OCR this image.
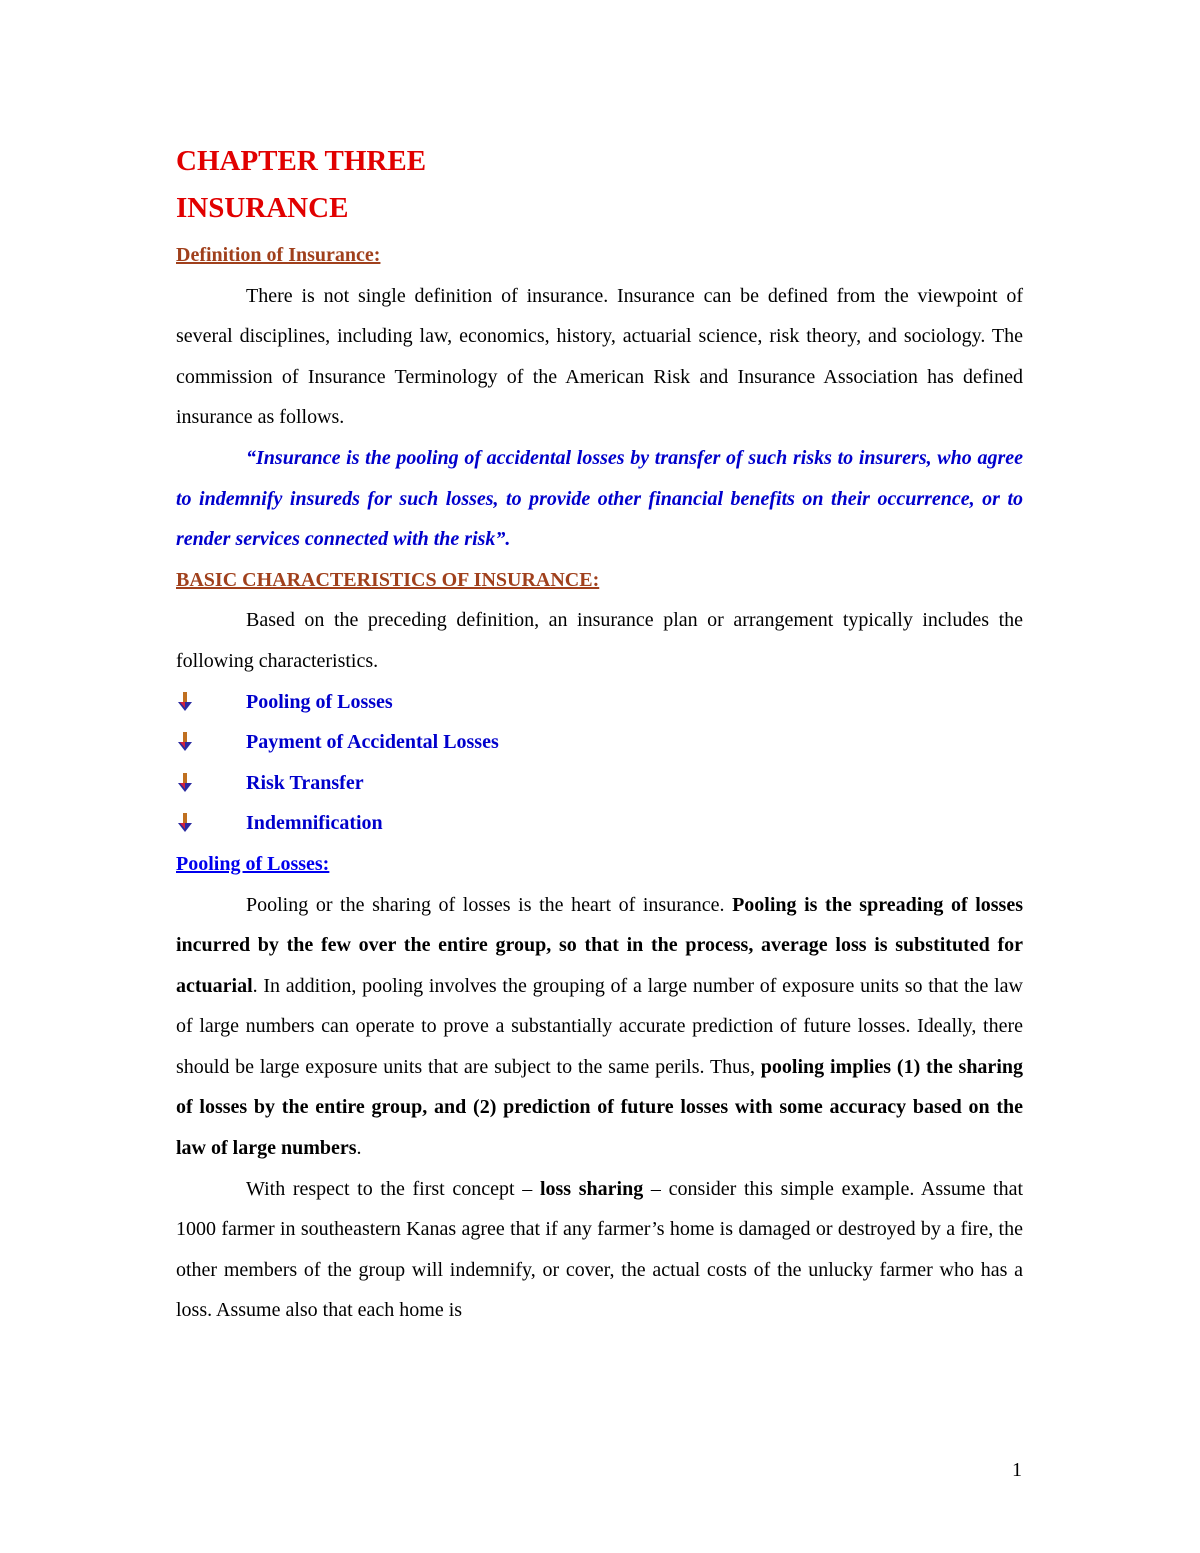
CHAPTER THREE
INSURANCE

Definition of Insurance:

There is not single definition of insurance. Insurance can be defined from the viewpoint of several disciplines, including law, economics, history, actuarial science, risk theory, and sociology. The commission of Insurance Terminology of the American Risk and Insurance Association has defined insurance as follows.

“Insurance is the pooling of accidental losses by transfer of such risks to insurers, who agree to indemnify insureds for such losses, to provide other financial benefits on their occurrence, or to render services connected with the risk”.

BASIC CHARACTERISTICS OF INSURANCE:

Based on the preceding definition, an insurance plan or arrangement typically includes the following characteristics.

Pooling of Losses
Payment of Accidental Losses
Risk Transfer
Indemnification

Pooling of Losses:

Pooling or the sharing of losses is the heart of insurance. Pooling is the spreading of losses incurred by the few over the entire group, so that in the process, average loss is substituted for actuarial. In addition, pooling involves the grouping of a large number of exposure units so that the law of large numbers can operate to prove a substantially accurate prediction of future losses. Ideally, there should be large exposure units that are subject to the same perils. Thus, pooling implies (1) the sharing of losses by the entire group, and (2) prediction of future losses with some accuracy based on the law of large numbers.

With respect to the first concept – loss sharing – consider this simple example. Assume that 1000 farmer in southeastern Kanas agree that if any farmer’s home is damaged or destroyed by a fire, the other members of the group will indemnify, or cover, the actual costs of the unlucky farmer who has a loss. Assume also that each home is

1
